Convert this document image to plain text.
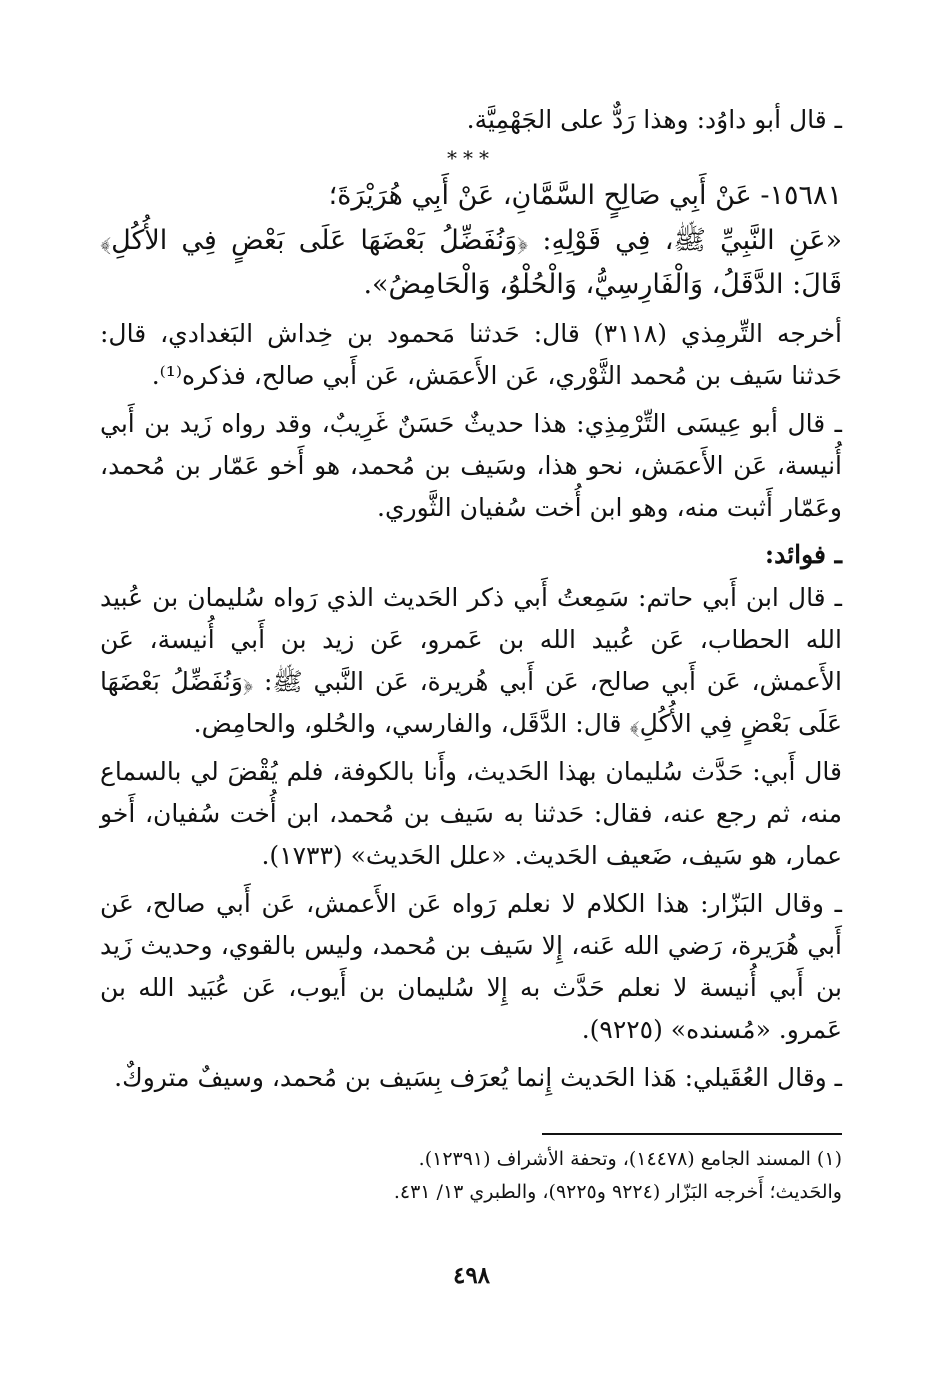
ـ قال أبو داوُد: وهذا رَدٌّ على الجَهْمِيَّة.

***

١٥٦٨١- عَنْ أَبِي صَالِحٍ السَّمَّانِ، عَنْ أَبِي هُرَيْرَةَ؛

«عَنِ النَّبِيِّ ﷺ، فِي قَوْلِهِ: ﴿وَنُفَضِّلُ بَعْضَهَا عَلَى بَعْضٍ فِي الأُكُلِ﴾ قَالَ: الدَّقَلُ، وَالْفَارِسِيُّ، وَالْحُلْوُ، وَالْحَامِضُ».

أخرجه التِّرمِذي (٣١١٨) قال: حَدثنا مَحمود بن خِداش البَغدادي، قال: حَدثنا سَيف بن مُحمد الثَّوْري، عَن الأَعمَش، عَن أَبي صالح، فذكره⁽¹⁾.

ـ قال أبو عِيسَى التِّرْمِذِي: هذا حديثٌ حَسَنٌ غَرِيبٌ، وقد رواه زَيد بن أَبي أُنيسة، عَن الأَعمَش، نحو هذا، وسَيف بن مُحمد، هو أَخو عَمّار بن مُحمد، وعَمّار أَثبت منه، وهو ابن أُخت سُفيان الثَّوري.

ـ فوائد:

ـ قال ابن أَبي حاتم: سَمِعتُ أَبي ذكر الحَديث الذي رَواه سُليمان بن عُبيد الله الحطاب، عَن عُبيد الله بن عَمرو، عَن زيد بن أَبي أُنيسة، عَن الأَعمش، عَن أَبي صالح، عَن أَبي هُريرة، عَن النَّبي ﷺ: ﴿وَنُفَضِّلُ بَعْضَهَا عَلَى بَعْضٍ فِي الأُكُلِ﴾ قال: الدَّقَل، والفارسي، والحُلو، والحامِض.

قال أَبي: حَدَّث سُليمان بهذا الحَديث، وأَنا بالكوفة، فلم يُقْضَ لي بالسماع منه، ثم رجع عنه، فقال: حَدثنا به سَيف بن مُحمد، ابن أُخت سُفيان، أَخو عمار، هو سَيف، ضَعيف الحَديث. «علل الحَديث» (١٧٣٣).

ـ وقال البَزّار: هذا الكلام لا نعلم رَواه عَن الأَعمش، عَن أَبي صالح، عَن أَبي هُرَيرة، رَضي الله عَنه، إِلا سَيف بن مُحمد، وليس بالقوي، وحديث زَيد بن أَبي أُنيسة لا نعلم حَدَّث به إِلا سُليمان بن أَيوب، عَن عُبَيد الله بن عَمرو. «مُسنده» (٩٢٢٥).

ـ وقال العُقَيلي: هَذا الحَديث إِنما يُعرَف بِسَيف بن مُحمد، وسيفٌ متروكٌ.

(١) المسند الجامع (١٤٤٧٨)، وتحفة الأشراف (١٢٣٩١).

والحَديث؛ أَخرجه البَزّار (٩٢٢٤ و٩٢٢٥)، والطبري ١٣/ ٤٣١.

٤٩٨
